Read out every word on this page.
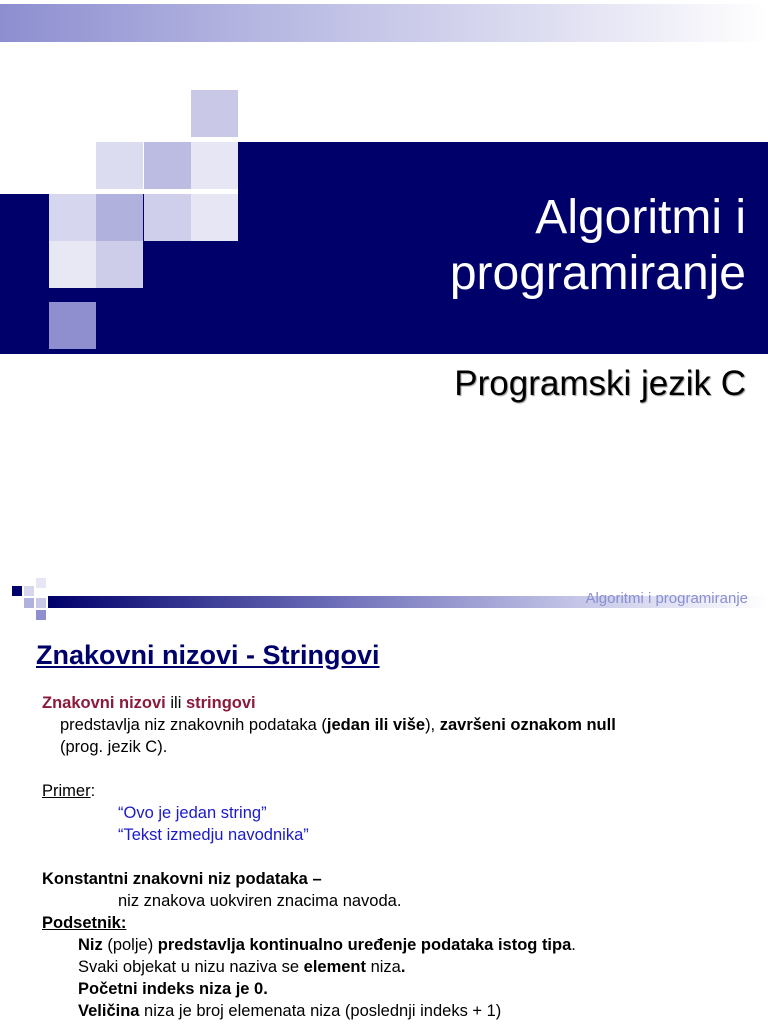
Algoritmi i
programiranje
Programski jezik C
Algoritmi i programiranje
Znakovni nizovi - Stringovi

Znakovni nizovi ili stringovi

predstavlja niz znakovnih podataka (jedan ili više), završeni oznakom null

(prog. jezik C).

Primer:

“Ovo je jedan string”

“Tekst izmedju navodnika”

Konstantni znakovni niz podataka –

niz znakova uokviren znacima navoda.

Podsetnik:

Niz (polje) predstavlja kontinualno uređenje podataka istog tipa.

Svaki objekat u nizu naziva se element niza.

Početni indeks niza je 0.

Veličina niza je broj elemenata niza (poslednji indeks + 1)
